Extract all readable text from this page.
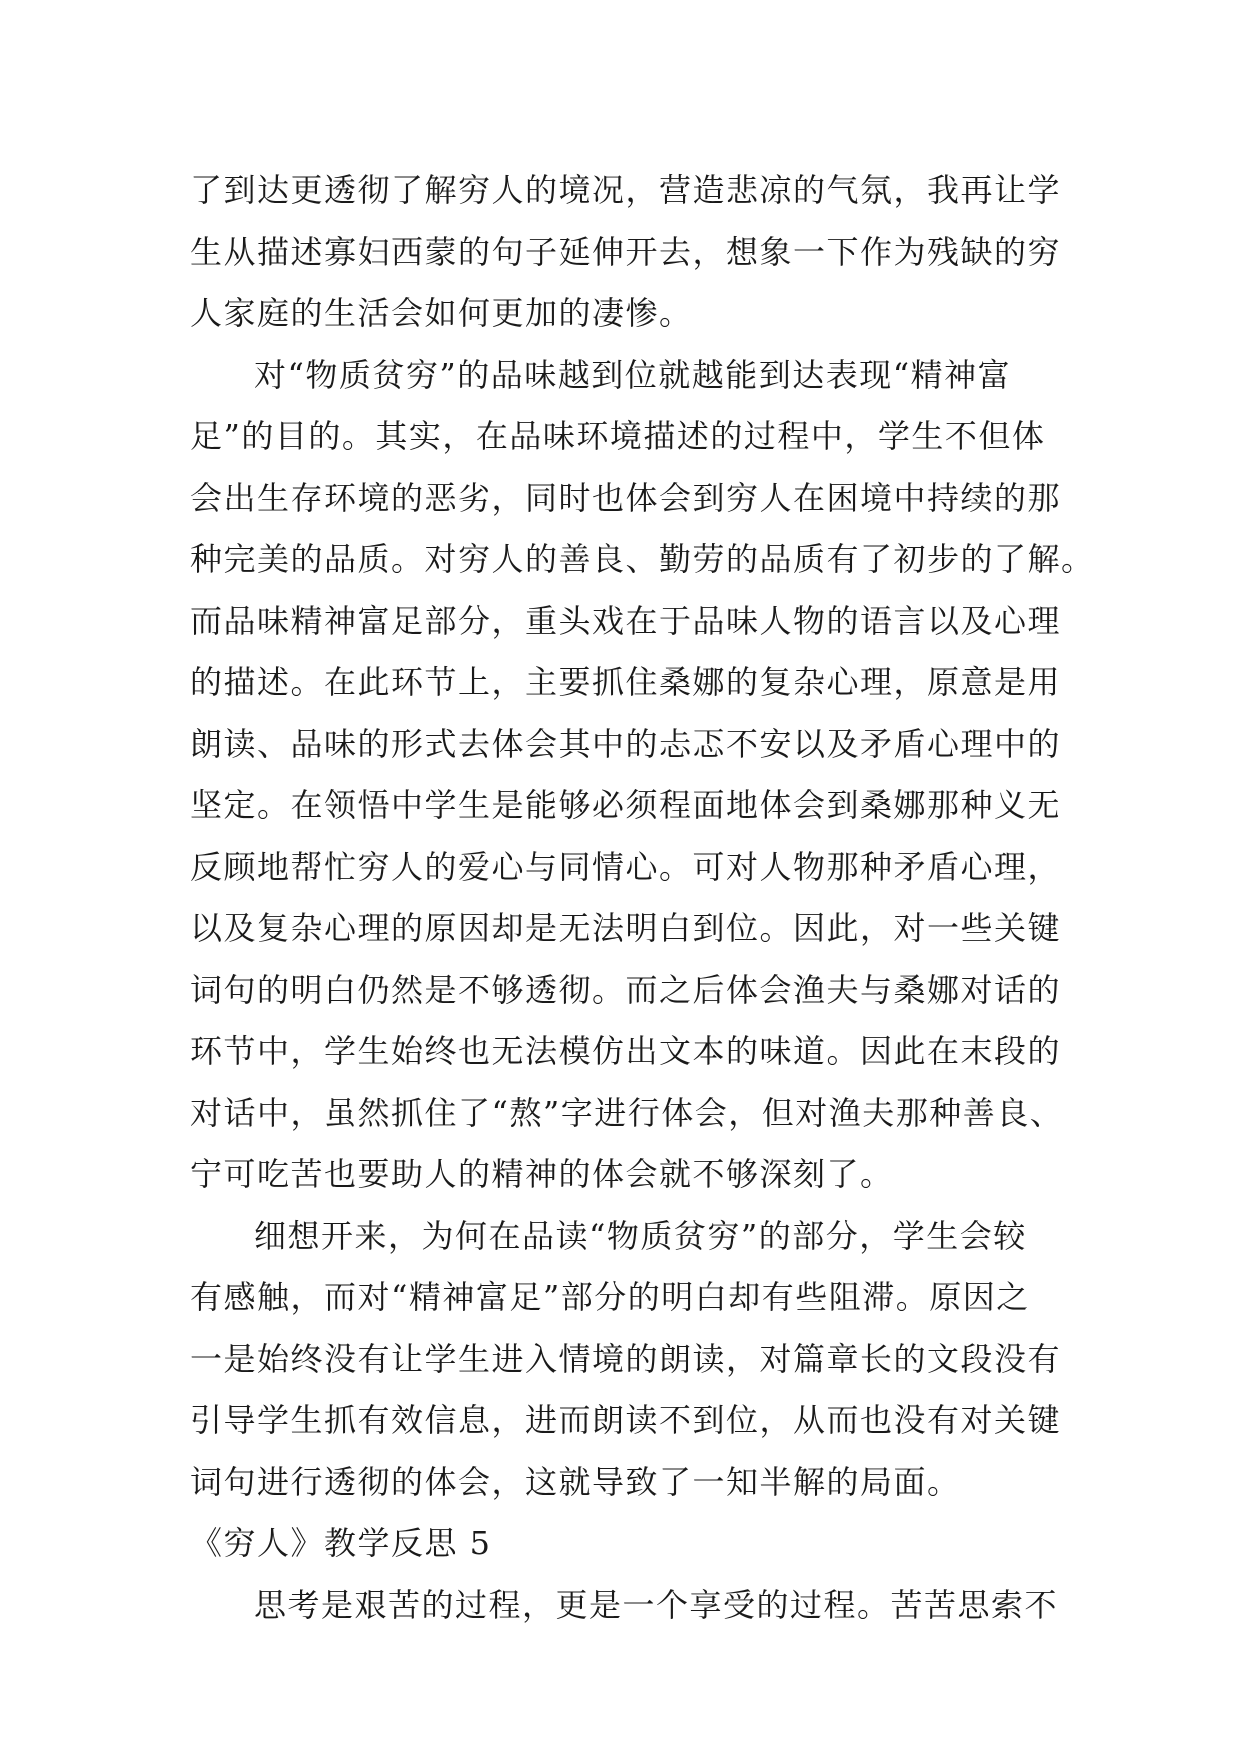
了到达更透彻了解穷人的境况，营造悲凉的气氛，我再让学
生从描述寡妇西蒙的句子延伸开去，想象一下作为残缺的穷
人家庭的生活会如何更加的凄惨。
对“物质贫穷”的品味越到位就越能到达表现“精神富
足”的目的。其实，在品味环境描述的过程中，学生不但体
会出生存环境的恶劣，同时也体会到穷人在困境中持续的那
种完美的品质。对穷人的善良、勤劳的品质有了初步的了解。
而品味精神富足部分，重头戏在于品味人物的语言以及心理
的描述。在此环节上，主要抓住桑娜的复杂心理，原意是用
朗读、品味的形式去体会其中的忐忑不安以及矛盾心理中的
坚定。在领悟中学生是能够必须程面地体会到桑娜那种义无
反顾地帮忙穷人的爱心与同情心。可对人物那种矛盾心理，
以及复杂心理的原因却是无法明白到位。因此，对一些关键
词句的明白仍然是不够透彻。而之后体会渔夫与桑娜对话的
环节中，学生始终也无法模仿出文本的味道。因此在末段的
对话中，虽然抓住了“熬”字进行体会，但对渔夫那种善良、
宁可吃苦也要助人的精神的体会就不够深刻了。
细想开来，为何在品读“物质贫穷”的部分，学生会较
有感触，而对“精神富足”部分的明白却有些阻滞。原因之
一是始终没有让学生进入情境的朗读，对篇章长的文段没有
引导学生抓有效信息，进而朗读不到位，从而也没有对关键
词句进行透彻的体会，这就导致了一知半解的局面。
《穷人》教学反思 5
思考是艰苦的过程，更是一个享受的过程。苦苦思索不
